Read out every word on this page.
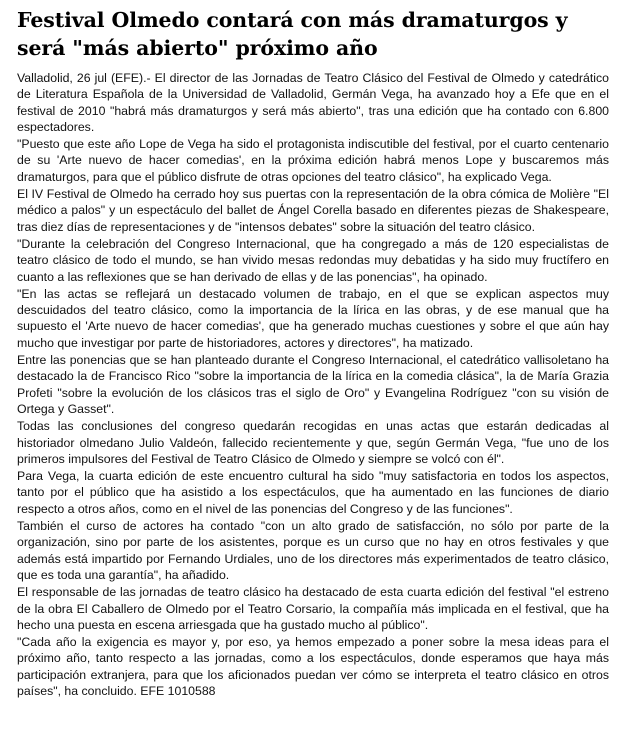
Festival Olmedo contará con más dramaturgos y será "más abierto" próximo año

Valladolid, 26 jul (EFE).- El director de las Jornadas de Teatro Clásico del Festival de Olmedo y catedrático de Literatura Española de la Universidad de Valladolid, Germán Vega, ha avanzado hoy a Efe que en el festival de 2010 "habrá más dramaturgos y será más abierto", tras una edición que ha contado con 6.800 espectadores.

"Puesto que este año Lope de Vega ha sido el protagonista indiscutible del festival, por el cuarto centenario de su 'Arte nuevo de hacer comedias', en la próxima edición habrá menos Lope y buscaremos más dramaturgos, para que el público disfrute de otras opciones del teatro clásico", ha explicado Vega.

El IV Festival de Olmedo ha cerrado hoy sus puertas con la representación de la obra cómica de Molière "El médico a palos" y un espectáculo del ballet de Ángel Corella basado en diferentes piezas de Shakespeare, tras diez días de representaciones y de "intensos debates" sobre la situación del teatro clásico.

"Durante la celebración del Congreso Internacional, que ha congregado a más de 120 especialistas de teatro clásico de todo el mundo, se han vivido mesas redondas muy debatidas y ha sido muy fructífero en cuanto a las reflexiones que se han derivado de ellas y de las ponencias", ha opinado.

"En las actas se reflejará un destacado volumen de trabajo, en el que se explican aspectos muy descuidados del teatro clásico, como la importancia de la lírica en las obras, y de ese manual que ha supuesto el 'Arte nuevo de hacer comedias', que ha generado muchas cuestiones y sobre el que aún hay mucho que investigar por parte de historiadores, actores y directores", ha matizado.

Entre las ponencias que se han planteado durante el Congreso Internacional, el catedrático vallisoletano ha destacado la de Francisco Rico "sobre la importancia de la lírica en la comedia clásica", la de María Grazia Profeti "sobre la evolución de los clásicos tras el siglo de Oro" y Evangelina Rodríguez "con su visión de Ortega y Gasset".

Todas las conclusiones del congreso quedarán recogidas en unas actas que estarán dedicadas al historiador olmedano Julio Valdeón, fallecido recientemente y que, según Germán Vega, "fue uno de los primeros impulsores del Festival de Teatro Clásico de Olmedo y siempre se volcó con él".

Para Vega, la cuarta edición de este encuentro cultural ha sido "muy satisfactoria en todos los aspectos, tanto por el público que ha asistido a los espectáculos, que ha aumentado en las funciones de diario respecto a otros años, como en el nivel de las ponencias del Congreso y de las funciones".

También el curso de actores ha contado "con un alto grado de satisfacción, no sólo por parte de la organización, sino por parte de los asistentes, porque es un curso que no hay en otros festivales y que además está impartido por Fernando Urdiales, uno de los directores más experimentados de teatro clásico, que es toda una garantía", ha añadido.

El responsable de las jornadas de teatro clásico ha destacado de esta cuarta edición del festival "el estreno de la obra El Caballero de Olmedo por el Teatro Corsario, la compañía más implicada en el festival, que ha hecho una puesta en escena arriesgada que ha gustado mucho al público".

"Cada año la exigencia es mayor y, por eso, ya hemos empezado a poner sobre la mesa ideas para el próximo año, tanto respecto a las jornadas, como a los espectáculos, donde esperamos que haya más participación extranjera, para que los aficionados puedan ver cómo se interpreta el teatro clásico en otros países", ha concluido. EFE 1010588
